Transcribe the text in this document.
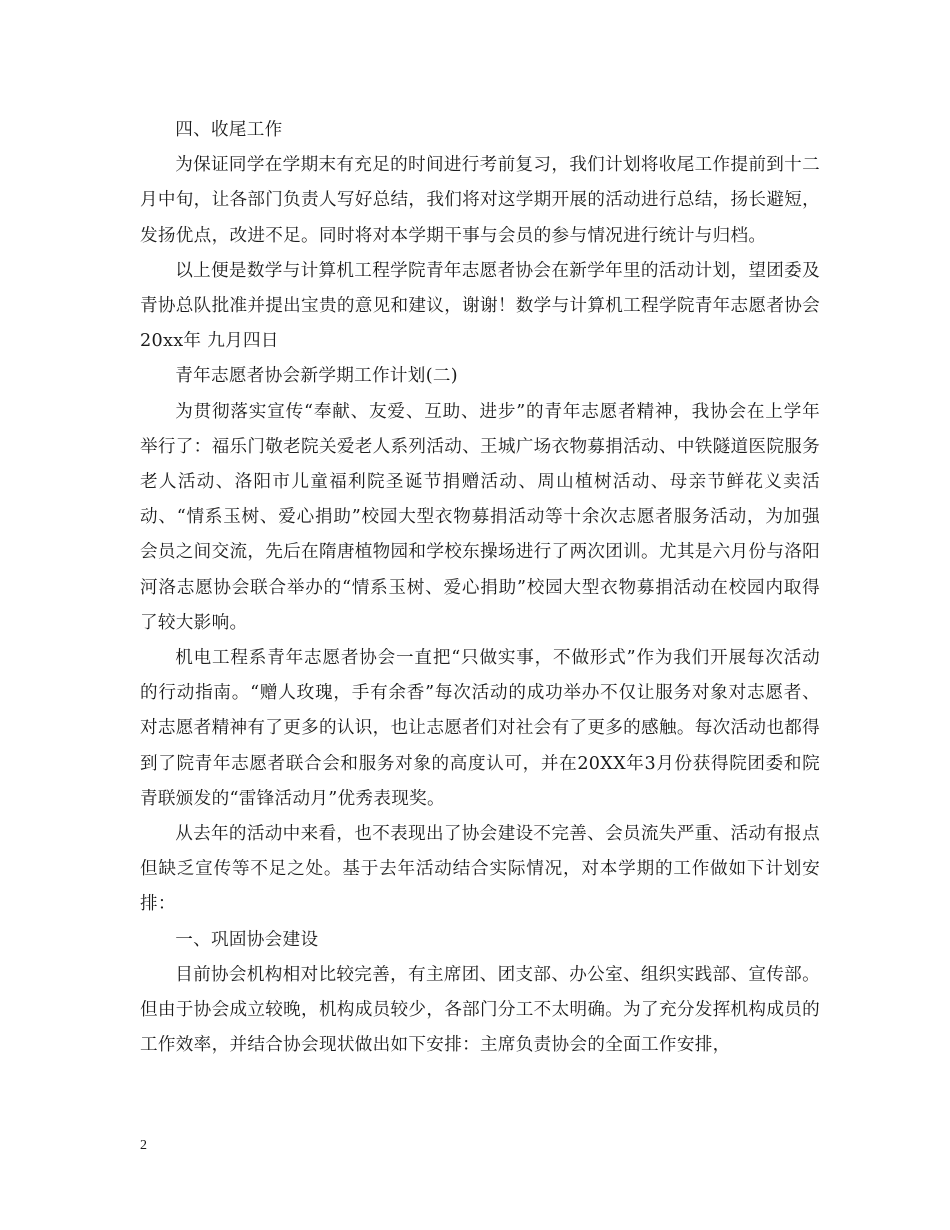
四、收尾工作

为保证同学在学期末有充足的时间进行考前复习，我们计划将收尾工作提前到十二月中旬，让各部门负责人写好总结，我们将对这学期开展的活动进行总结，扬长避短，发扬优点，改进不足。同时将对本学期干事与会员的参与情况进行统计与归档。

以上便是数学与计算机工程学院青年志愿者协会在新学年里的活动计划，望团委及青协总队批准并提出宝贵的意见和建议，谢谢！数学与计算机工程学院青年志愿者协会 20xx年 九月四日

青年志愿者协会新学期工作计划(二)

为贯彻落实宣传“奉献、友爱、互助、进步”的青年志愿者精神，我协会在上学年举行了：福乐门敬老院关爱老人系列活动、王城广场衣物募捐活动、中铁隧道医院服务老人活动、洛阳市儿童福利院圣诞节捐赠活动、周山植树活动、母亲节鲜花义卖活动、“情系玉树、爱心捐助”校园大型衣物募捐活动等十余次志愿者服务活动，为加强会员之间交流，先后在隋唐植物园和学校东操场进行了两次团训。尤其是六月份与洛阳河洛志愿协会联合举办的“情系玉树、爱心捐助”校园大型衣物募捐活动在校园内取得了较大影响。

机电工程系青年志愿者协会一直把“只做实事，不做形式”作为我们开展每次活动的行动指南。“赠人玫瑰，手有余香”每次活动的成功举办不仅让服务对象对志愿者、对志愿者精神有了更多的认识，也让志愿者们对社会有了更多的感触。每次活动也都得到了院青年志愿者联合会和服务对象的高度认可，并在20XX年3月份获得院团委和院青联颁发的“雷锋活动月”优秀表现奖。

从去年的活动中来看，也不表现出了协会建设不完善、会员流失严重、活动有报点但缺乏宣传等不足之处。基于去年活动结合实际情况，对本学期的工作做如下计划安排：

一、巩固协会建设

目前协会机构相对比较完善，有主席团、团支部、办公室、组织实践部、宣传部。但由于协会成立较晚，机构成员较少，各部门分工不太明确。为了充分发挥机构成员的工作效率，并结合协会现状做出如下安排：主席负责协会的全面工作安排，

2
